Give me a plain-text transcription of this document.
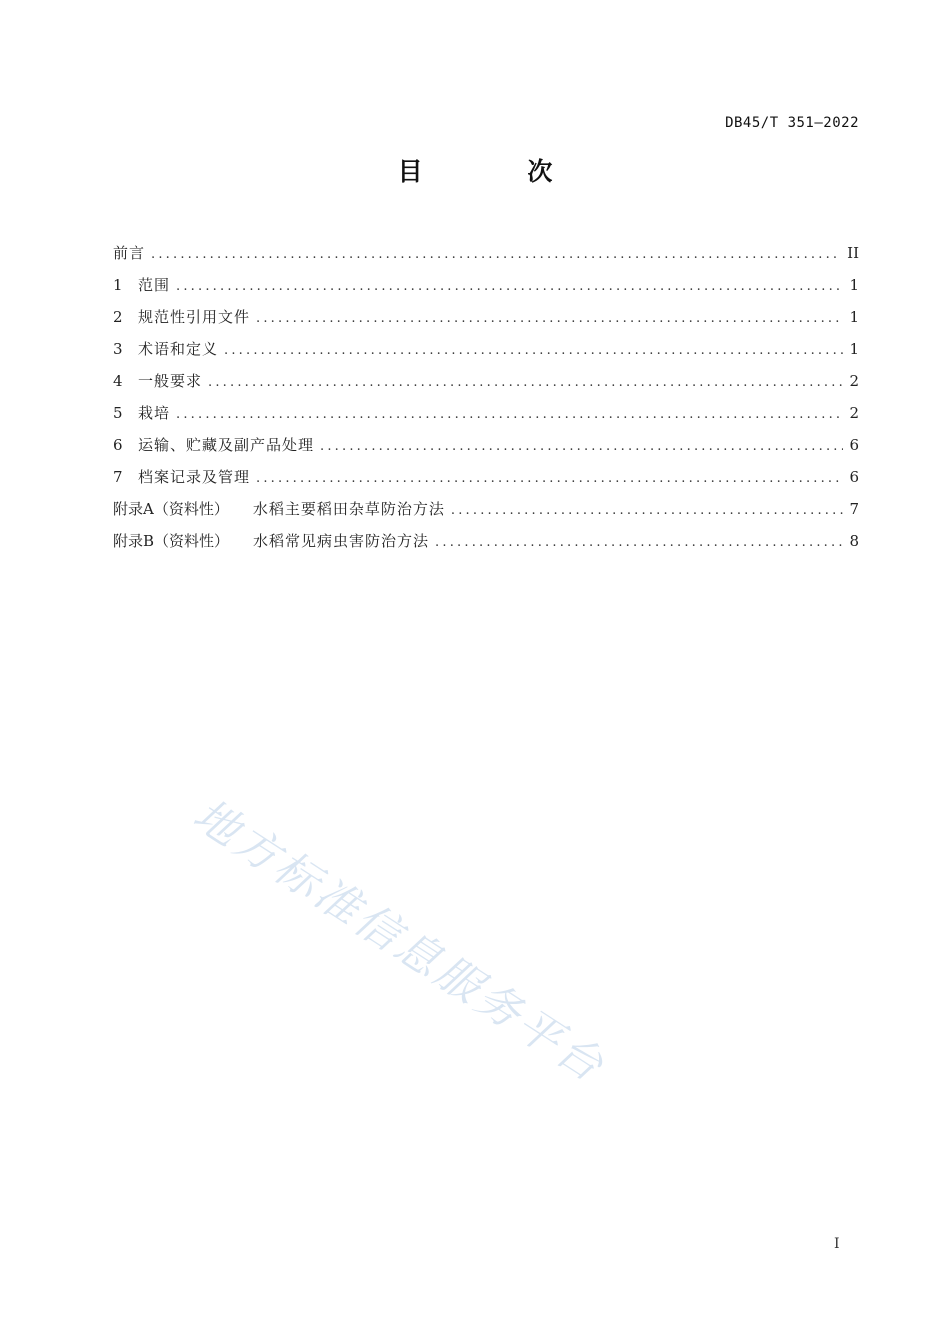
DB45/T 351—2022
目 次
前言 .....	II
1	范围 .....	1
2	规范性引用文件 .....	1
3	术语和定义 .....	1
4	一般要求 .....	2
5	栽培 .....	2
6	运输、贮藏及副产品处理 .....	6
7	档案记录及管理 .....	6
附录A（资料性） 水稻主要稻田杂草防治方法 .....	7
附录B（资料性） 水稻常见病虫害防治方法 .....	8
地方标准信息服务平台
I
